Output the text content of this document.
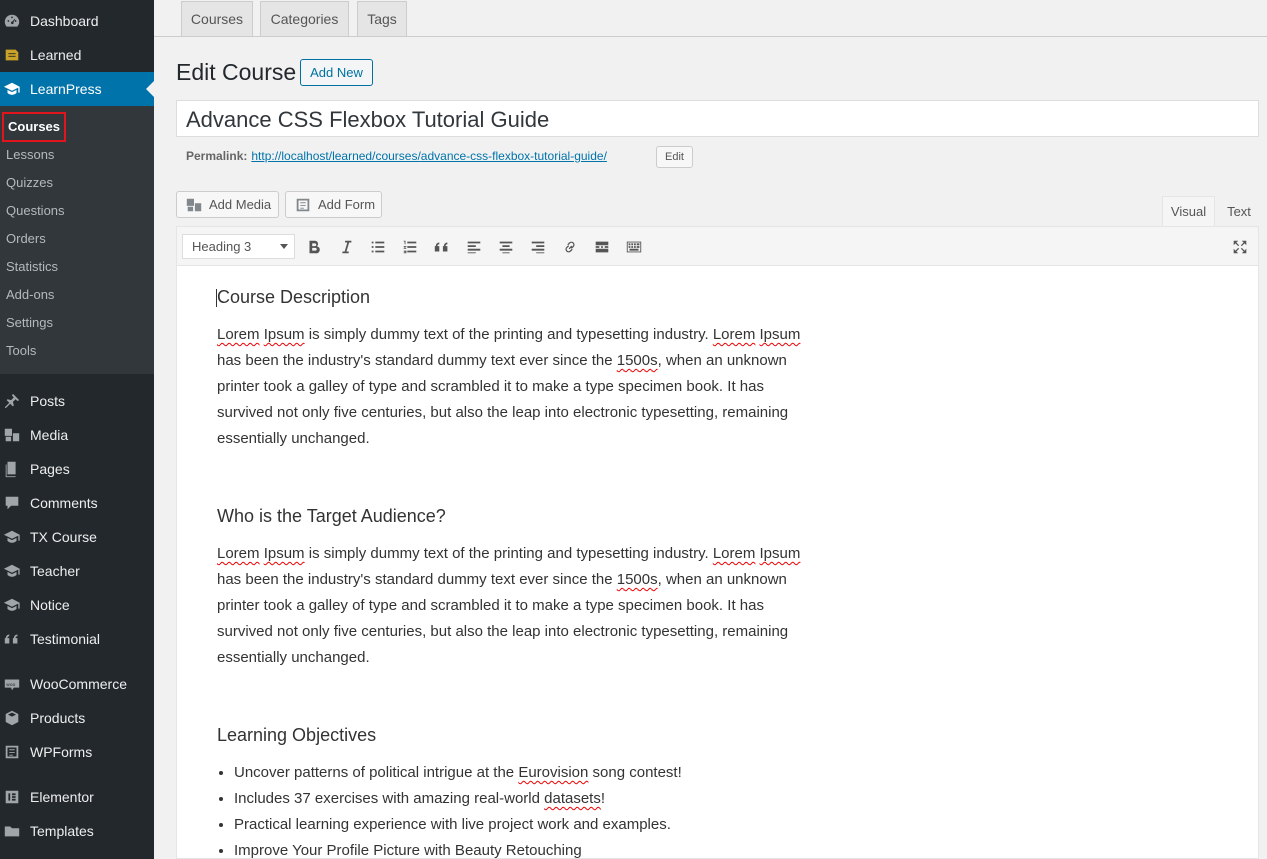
Dashboard
Learned
LearnPress
Courses
Lessons
Quizzes
Questions
Orders
Statistics
Add-ons
Settings
Tools
Posts
Media
Pages
Comments
TX Course
Teacher
Notice
Testimonial
woo WooCommerce
Products
WPForms
Elementor
Templates
Courses	Categories	Tags
Edit Course	Add New
Advance CSS Flexbox Tutorial Guide
Permalink: http://localhost/learned/courses/advance-css-flexbox-tutorial-guide/	Edit
Add Media	Add Form	Visual	Text
Heading 3
Course Description

Lorem Ipsum is simply dummy text of the printing and typesetting industry. Lorem Ipsum has been the industry's standard dummy text ever since the 1500s, when an unknown printer took a galley of type and scrambled it to make a type specimen book. It has survived not only five centuries, but also the leap into electronic typesetting, remaining essentially unchanged.

Who is the Target Audience?

Lorem Ipsum is simply dummy text of the printing and typesetting industry. Lorem Ipsum has been the industry's standard dummy text ever since the 1500s, when an unknown printer took a galley of type and scrambled it to make a type specimen book. It has survived not only five centuries, but also the leap into electronic typesetting, remaining essentially unchanged.

Learning Objectives
• Uncover patterns of political intrigue at the Eurovision song contest!
• Includes 37 exercises with amazing real-world datasets!
• Practical learning experience with live project work and examples.
• Improve Your Profile Picture with Beauty Retouching
